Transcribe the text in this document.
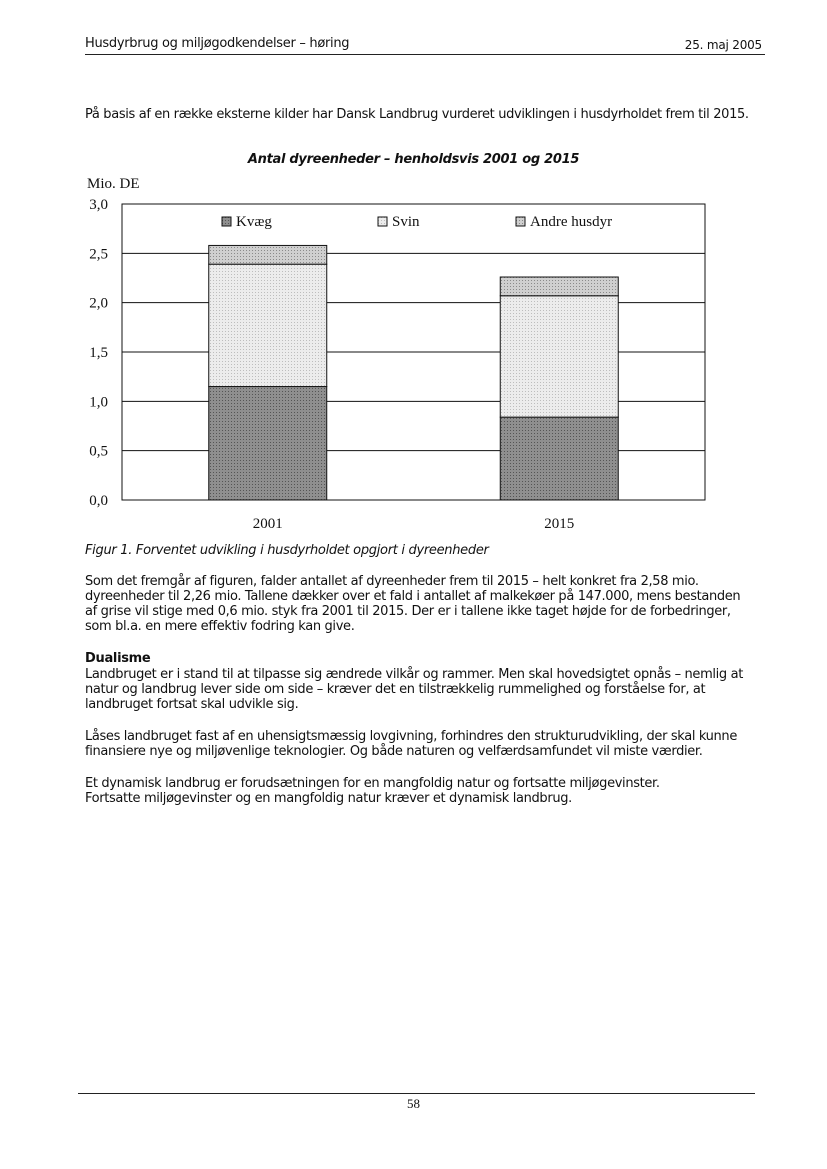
Husdyrbrug og miljøgodkendelser – høring	25. maj 2005

På basis af en række eksterne kilder har Dansk Landbrug vurderet udviklingen i husdyrholdet frem til 2015.

Antal dyreenheder – henholdsvis 2001 og 2015
Mio. DE
0,0
0,5
1,0
1,5
2,0
2,5
3,0
2001	2015
Kvæg	Svin	Andre husdyr
Figur 1. Forventet udvikling i husdyrholdet opgjort i dyreenheder

Som det fremgår af figuren, falder antallet af dyreenheder frem til 2015 – helt konkret fra 2,58 mio.

dyreenheder til 2,26 mio. Tallene dækker over et fald i antallet af malkekøer på 147.000, mens bestanden

af grise vil stige med 0,6 mio. styk fra 2001 til 2015. Der er i tallene ikke taget højde for de forbedringer,

som bl.a. en mere effektiv fodring kan give.

Dualisme

Landbruget er i stand til at tilpasse sig ændrede vilkår og rammer. Men skal hovedsigtet opnås – nemlig at

natur og landbrug lever side om side – kræver det en tilstrækkelig rummelighed og forståelse for, at

landbruget fortsat skal udvikle sig.

Låses landbruget fast af en uhensigtsmæssig lovgivning, forhindres den strukturudvikling, der skal kunne

finansiere nye og miljøvenlige teknologier. Og både naturen og velfærdsamfundet vil miste værdier.

Et dynamisk landbrug er forudsætningen for en mangfoldig natur og fortsatte miljøgevinster.

Fortsatte miljøgevinster og en mangfoldig natur kræver et dynamisk landbrug.

58
